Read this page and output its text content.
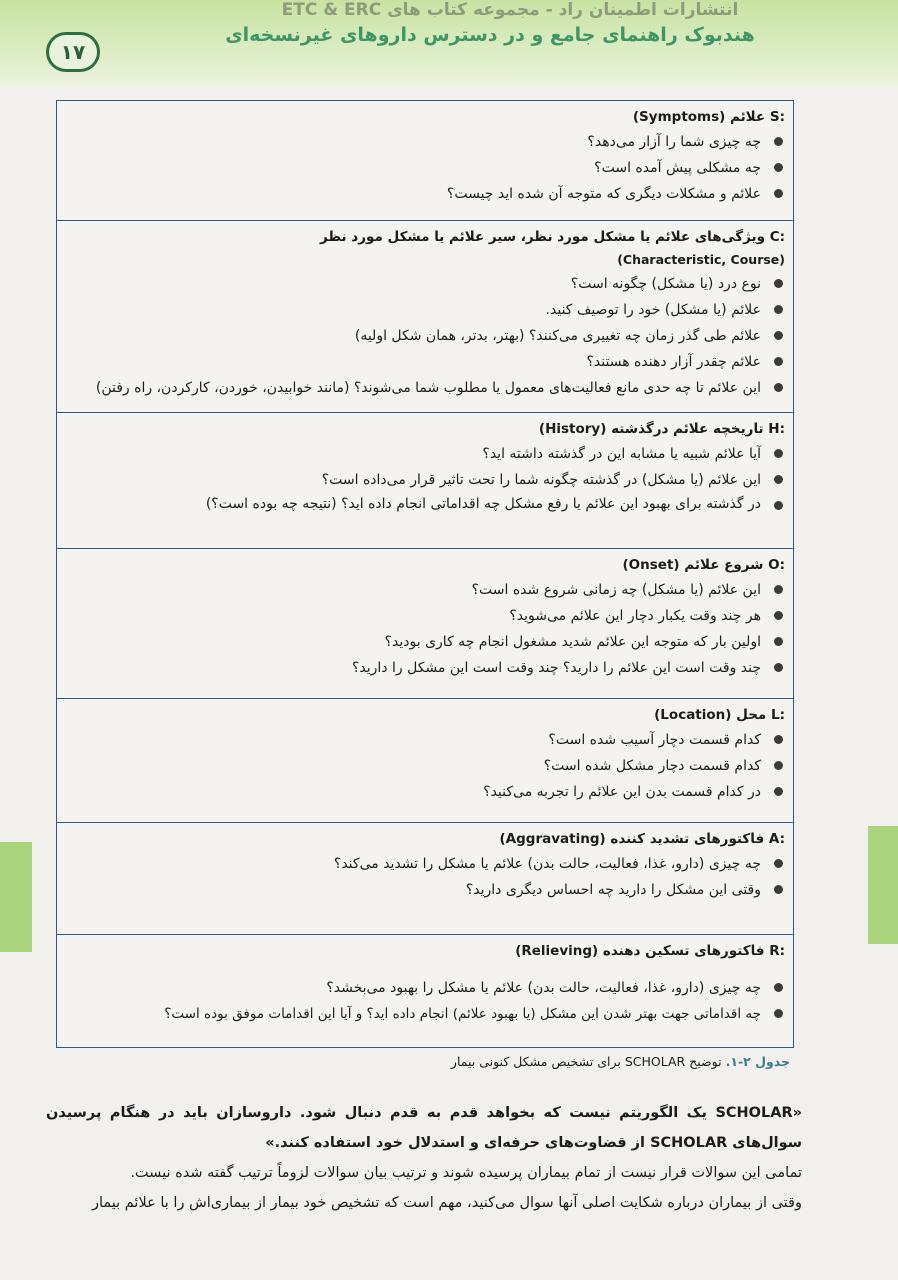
انتشارات اطمینان راد - مجموعه کتاب های ETC & ERC
هندبوک راهنمای جامع و در دسترس داروهای غیرنسخه‌ای
۱۷
S: علائم (Symptoms)
چه چیزی شما را آزار می‌دهد؟
چه مشکلی پیش آمده است؟
علائم و مشکلات دیگری که متوجه آن شده اید چیست؟
C: ویژگی‌های علائم یا مشکل مورد نظر، سیر علائم یا مشکل مورد نظر
(Characteristic, Course)
نوع درد (یا مشکل) چگونه است؟
علائم (یا مشکل) خود را توصیف کنید.
علائم طی گذر زمان چه تغییری می‌کنند؟ (بهتر، بدتر، همان شکل اولیه)
علائم چقدر آزار دهنده هستند؟
این علائم تا چه حدی مانع فعالیت‌های معمول یا مطلوب شما می‌شوند؟ (مانند خوابیدن، خوردن، کارکردن، راه رفتن)
H: تاریخچه علائم درگذشته (History)
آیا علائم شبیه یا مشابه این در گذشته داشته اید؟
این علائم (یا مشکل) در گذشته چگونه شما را تحت تاثیر قرار می‌داده است؟
در گذشته برای بهبود این علائم یا رفع مشکل چه اقداماتی انجام داده اید؟ (نتیجه چه بوده است؟)
O: شروع علائم (Onset)
این علائم (یا مشکل) چه زمانی شروع شده است؟
هر چند وقت یکبار دچار این علائم می‌شوید؟
اولین بار که متوجه این علائم شدید مشغول انجام چه کاری بودید؟
چند وقت است این علائم را دارید؟ چند وقت است این مشکل را دارید؟
L: محل (Location)
کدام قسمت دچار آسیب شده است؟
کدام قسمت دچار مشکل شده است؟
در کدام قسمت بدن این علائم را تجربه می‌کنید؟
A: فاکتورهای تشدید کننده (Aggravating)
چه چیزی (دارو، غذا، فعالیت، حالت بدن) علائم یا مشکل را تشدید می‌کند؟
وقتی این مشکل را دارید چه احساس دیگری دارید؟
R: فاکتورهای تسکین دهنده (Relieving)
چه چیزی (دارو، غذا، فعالیت، حالت بدن) علائم یا مشکل را بهبود می‌بخشد؟
چه اقداماتی جهت بهتر شدن این مشکل (یا بهبود علائم) انجام داده اید؟ و آیا این اقدامات موفق بوده است؟
جدول ۲-۱. توضیح SCHOLAR برای تشخیص مشکل کنونی بیمار

«SCHOLAR یک الگوریتم نیست که بخواهد قدم به قدم دنبال شود. داروسازان باید در هنگام پرسیدن سوال‌های SCHOLAR از قضاوت‌های حرفه‌ای و استدلال خود استفاده کنند.»

تمامی این سوالات قرار نیست از تمام بیماران پرسیده شوند و ترتیب بیان سوالات لزوماً ترتیب گفته شده نیست.

وقتی از بیماران درباره شکایت اصلی آنها سوال می‌کنید، مهم است که تشخیص خود بیمار از بیماری‌اش را با علائم بیمار
